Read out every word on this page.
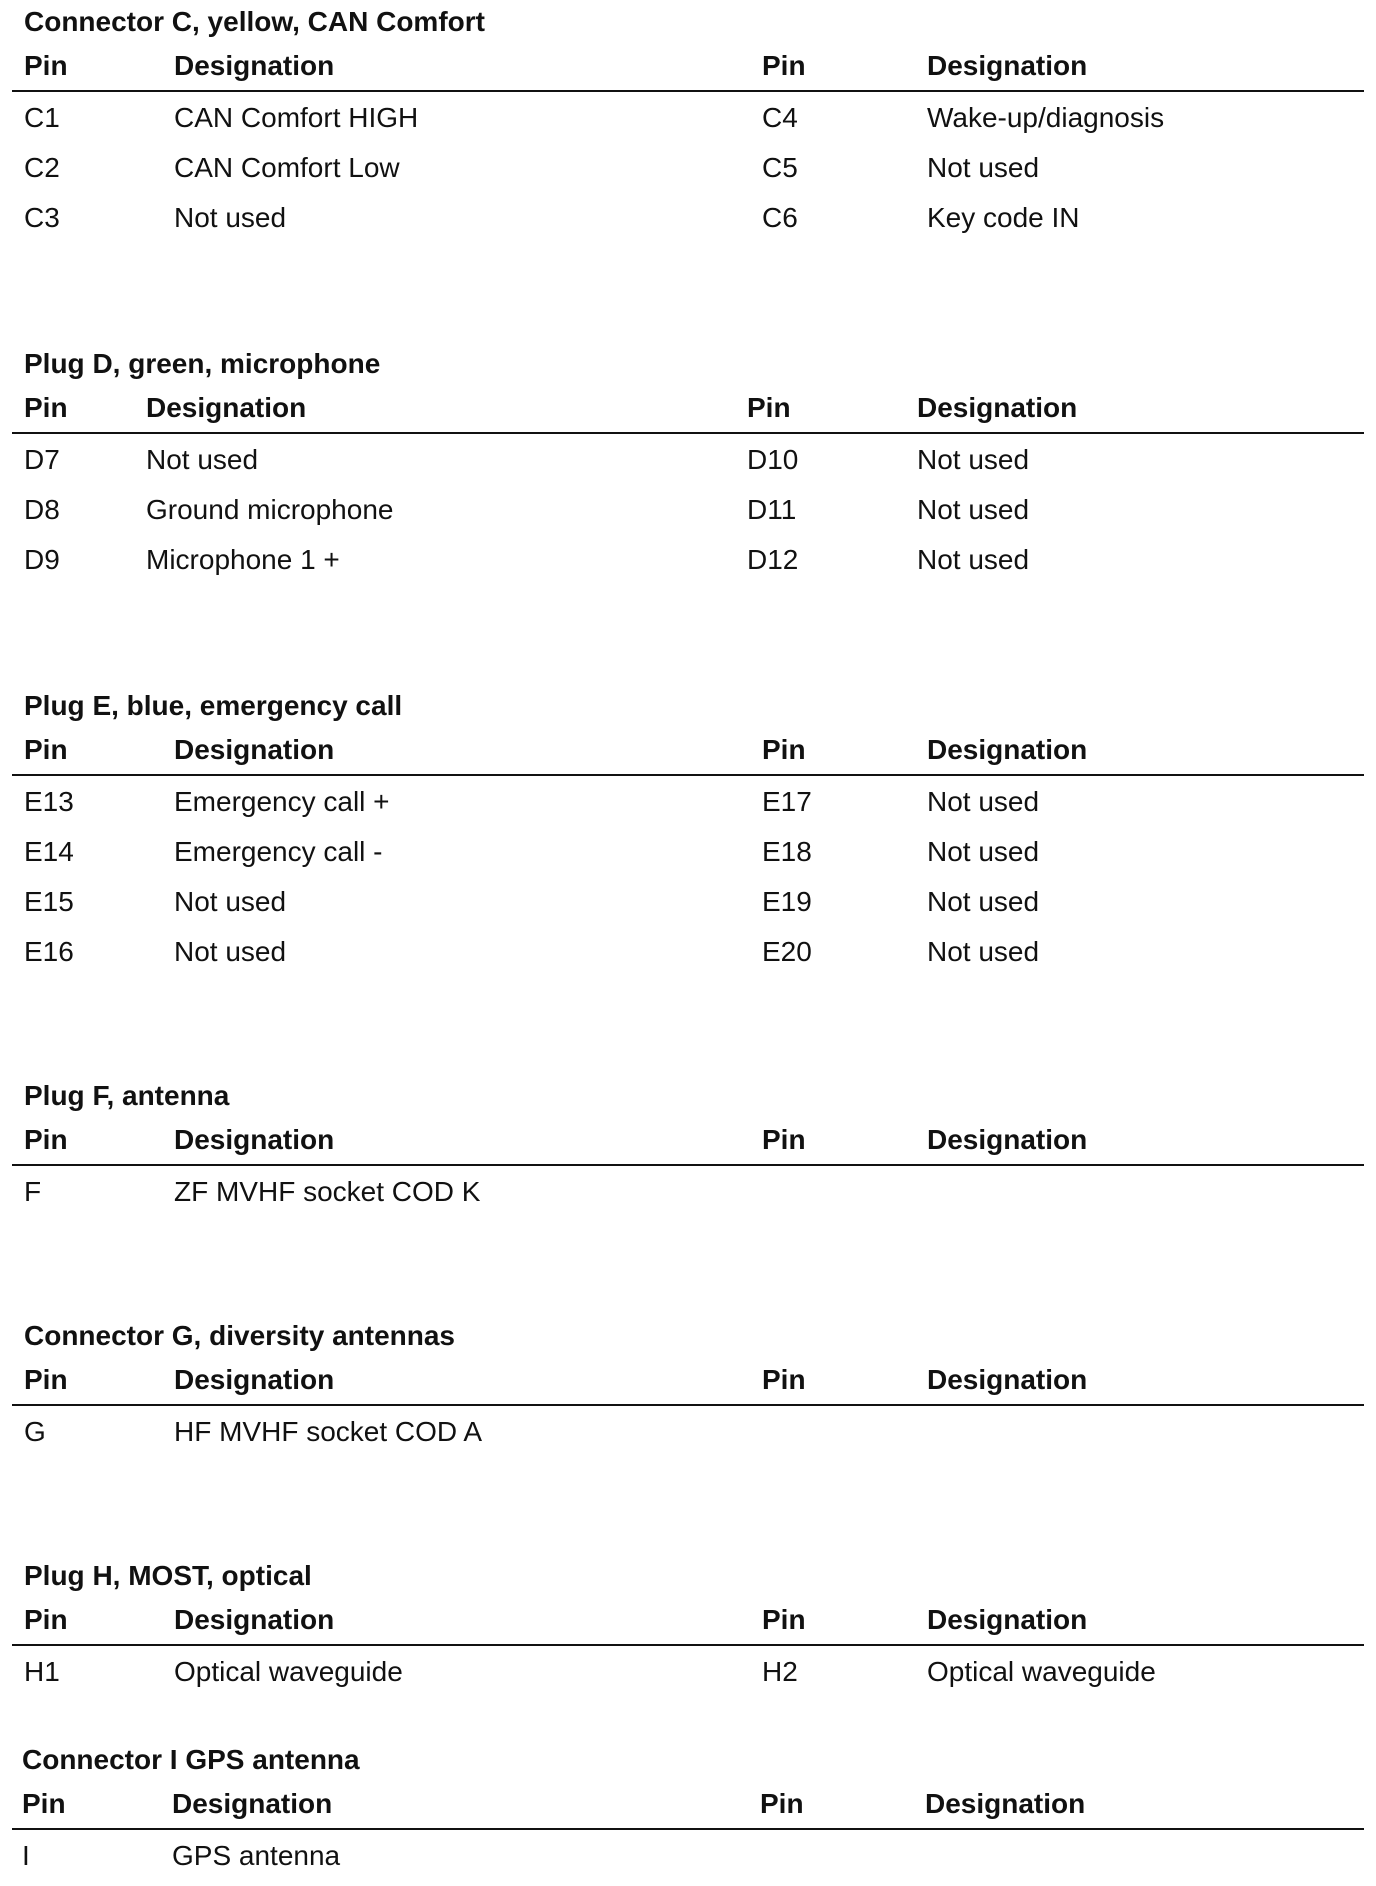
Connector C, yellow, CAN Comfort
Pin	Designation	Pin	Designation
C1	CAN Comfort HIGH	C4	Wake-up/diagnosis
C2	CAN Comfort Low	C5	Not used
C3	Not used	C6	Key code IN
Plug D, green, microphone
Pin	Designation	Pin	Designation
D7	Not used	D10	Not used
D8	Ground microphone	D11	Not used
D9	Microphone 1 +	D12	Not used
Plug E, blue, emergency call
Pin	Designation	Pin	Designation
E13	Emergency call +	E17	Not used
E14	Emergency call -	E18	Not used
E15	Not used	E19	Not used
E16	Not used	E20	Not used
Plug F, antenna
Pin	Designation	Pin	Designation
F	ZF MVHF socket COD K
Connector G, diversity antennas
Pin	Designation	Pin	Designation
G	HF MVHF socket COD A
Plug H, MOST, optical
Pin	Designation	Pin	Designation
H1	Optical waveguide	H2	Optical waveguide
Connector I GPS antenna
Pin	Designation	Pin	Designation
I	GPS antenna
